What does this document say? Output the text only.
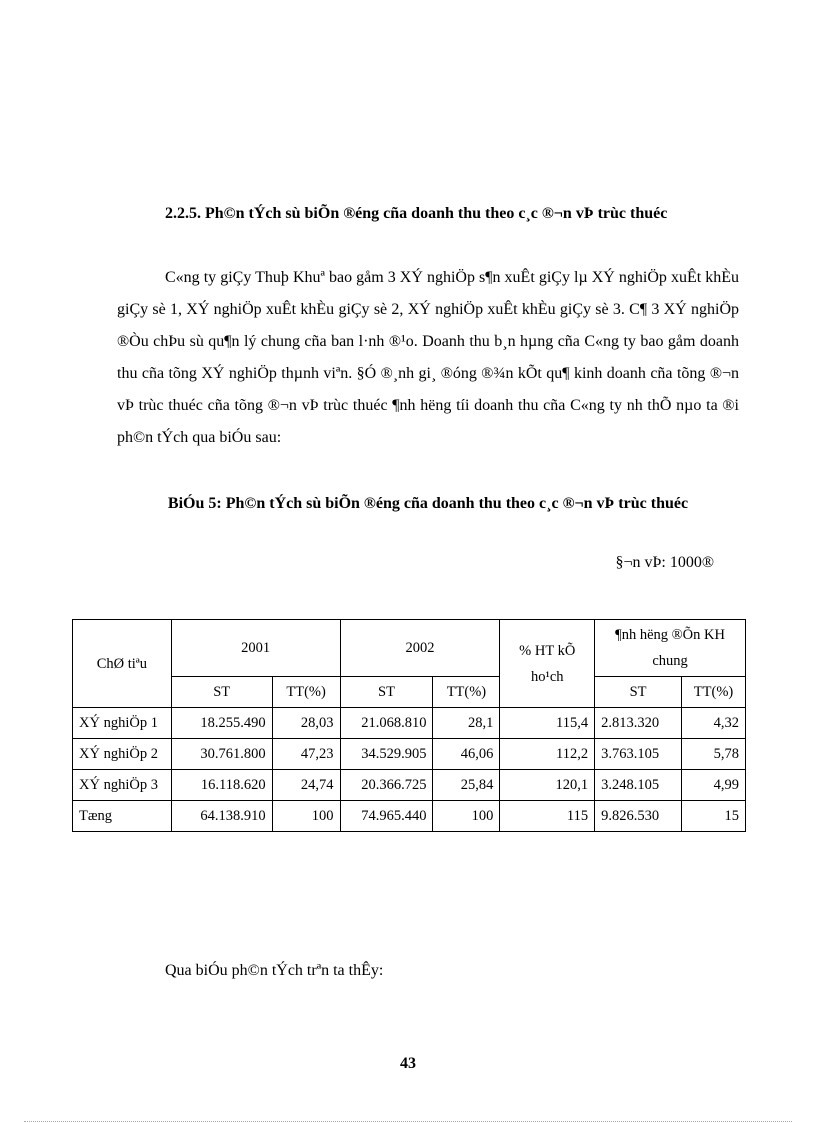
2.2.5. Ph©n tÝch sù biÕn ®éng cña doanh thu theo c¸c ®¬n vÞ trùc thuéc

C«ng ty giÇy Thuþ Khuª bao gåm 3 XÝ nghiÖp s¶n xuÊt giÇy lµ XÝ nghiÖp xuÊt khÈu giÇy sè 1, XÝ nghiÖp xuÊt khÈu giÇy sè 2, XÝ nghiÖp xuÊt khÈu giÇy sè 3. C¶ 3 XÝ nghiÖp ®Òu chÞu sù qu¶n lý chung cña ban l·nh ®¹o. Doanh thu b¸n hµng cña C«ng ty bao gåm doanh thu cña tõng XÝ nghiÖp thµnh viªn. §Ó ®¸nh gi¸ ®óng ®¾n kÕt qu¶ kinh doanh cña tõng ®¬n vÞ trùc thuéc cña tõng ®¬n vÞ trùc thuéc ¶nh hëng tíi doanh thu cña C«ng ty nh thÕ nµo ta ®i ph©n tÝch qua biÓu sau:

BiÓu 5: Ph©n tÝch sù biÕn ®éng cña doanh thu theo c¸c ®¬n vÞ trùc thuéc

§¬n vÞ: 1000®

ChØ tiªu	2001		2002		% HT kÕ ho¹ch	¶nh hëng ®Õn KH chung	
	ST	TT(%)	ST	TT(%)		ST	TT(%)
XÝ nghiÖp 1	18.255.490	28,03	21.068.810	28,1	115,4	2.813.320	4,32
XÝ nghiÖp 2	30.761.800	47,23	34.529.905	46,06	112,2	3.763.105	5,78
XÝ nghiÖp 3	16.118.620	24,74	20.366.725	25,84	120,1	3.248.105	4,99
Tæng	64.138.910	100	74.965.440	100	115	9.826.530	15

Qua biÓu ph©n tÝch trªn ta thÊy:

43
